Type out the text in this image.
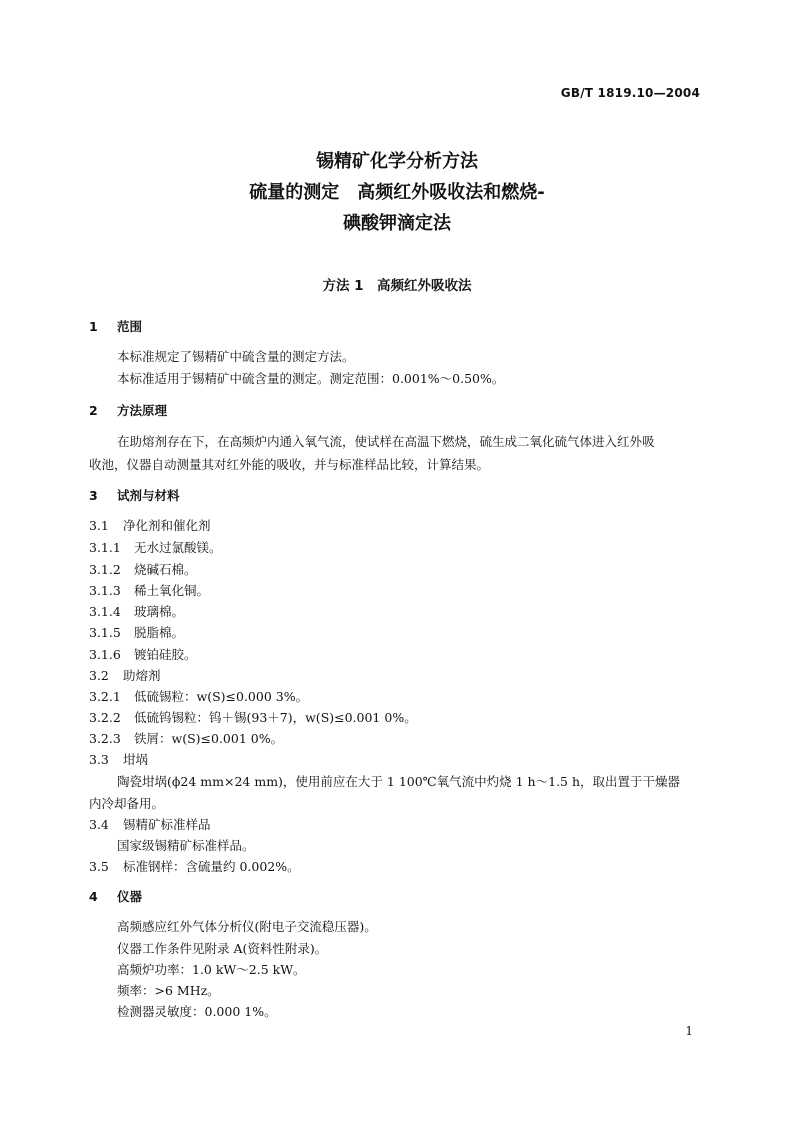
GB/T 1819.10—2004
锡精矿化学分析方法
硫量的测定　高频红外吸收法和燃烧-
碘酸钾滴定法
方法 1　高频红外吸收法
1 范围
本标准规定了锡精矿中硫含量的测定方法。
本标准适用于锡精矿中硫含量的测定。测定范围：0.001%～0.50%。
2 方法原理
在助熔剂存在下，在高频炉内通入氧气流，使试样在高温下燃烧，硫生成二氧化硫气体进入红外吸
收池，仪器自动测量其对红外能的吸收，并与标准样品比较，计算结果。
3 试剂与材料
3.1 净化剂和催化剂
3.1.1 无水过氯酸镁。
3.1.2 烧碱石棉。
3.1.3 稀土氧化铜。
3.1.4 玻璃棉。
3.1.5 脱脂棉。
3.1.6 镀铂硅胶。
3.2 助熔剂
3.2.1 低硫锡粒：w(S)≤0.000 3%。
3.2.2 低硫钨锡粒：钨＋锡(93＋7)，w(S)≤0.001 0%。
3.2.3 铁屑：w(S)≤0.001 0%。
3.3 坩埚
陶瓷坩埚(ϕ24 mm×24 mm)，使用前应在大于 1 100℃氧气流中灼烧 1 h～1.5 h，取出置于干燥器
内冷却备用。
3.4 锡精矿标准样品
国家级锡精矿标准样品。
3.5 标准钢样：含硫量约 0.002%。
4 仪器
高频感应红外气体分析仪(附电子交流稳压器)。
仪器工作条件见附录 A(资料性附录)。
高频炉功率：1.0 kW～2.5 kW。
频率：>6 MHz。
检测器灵敏度：0.000 1%。
1
